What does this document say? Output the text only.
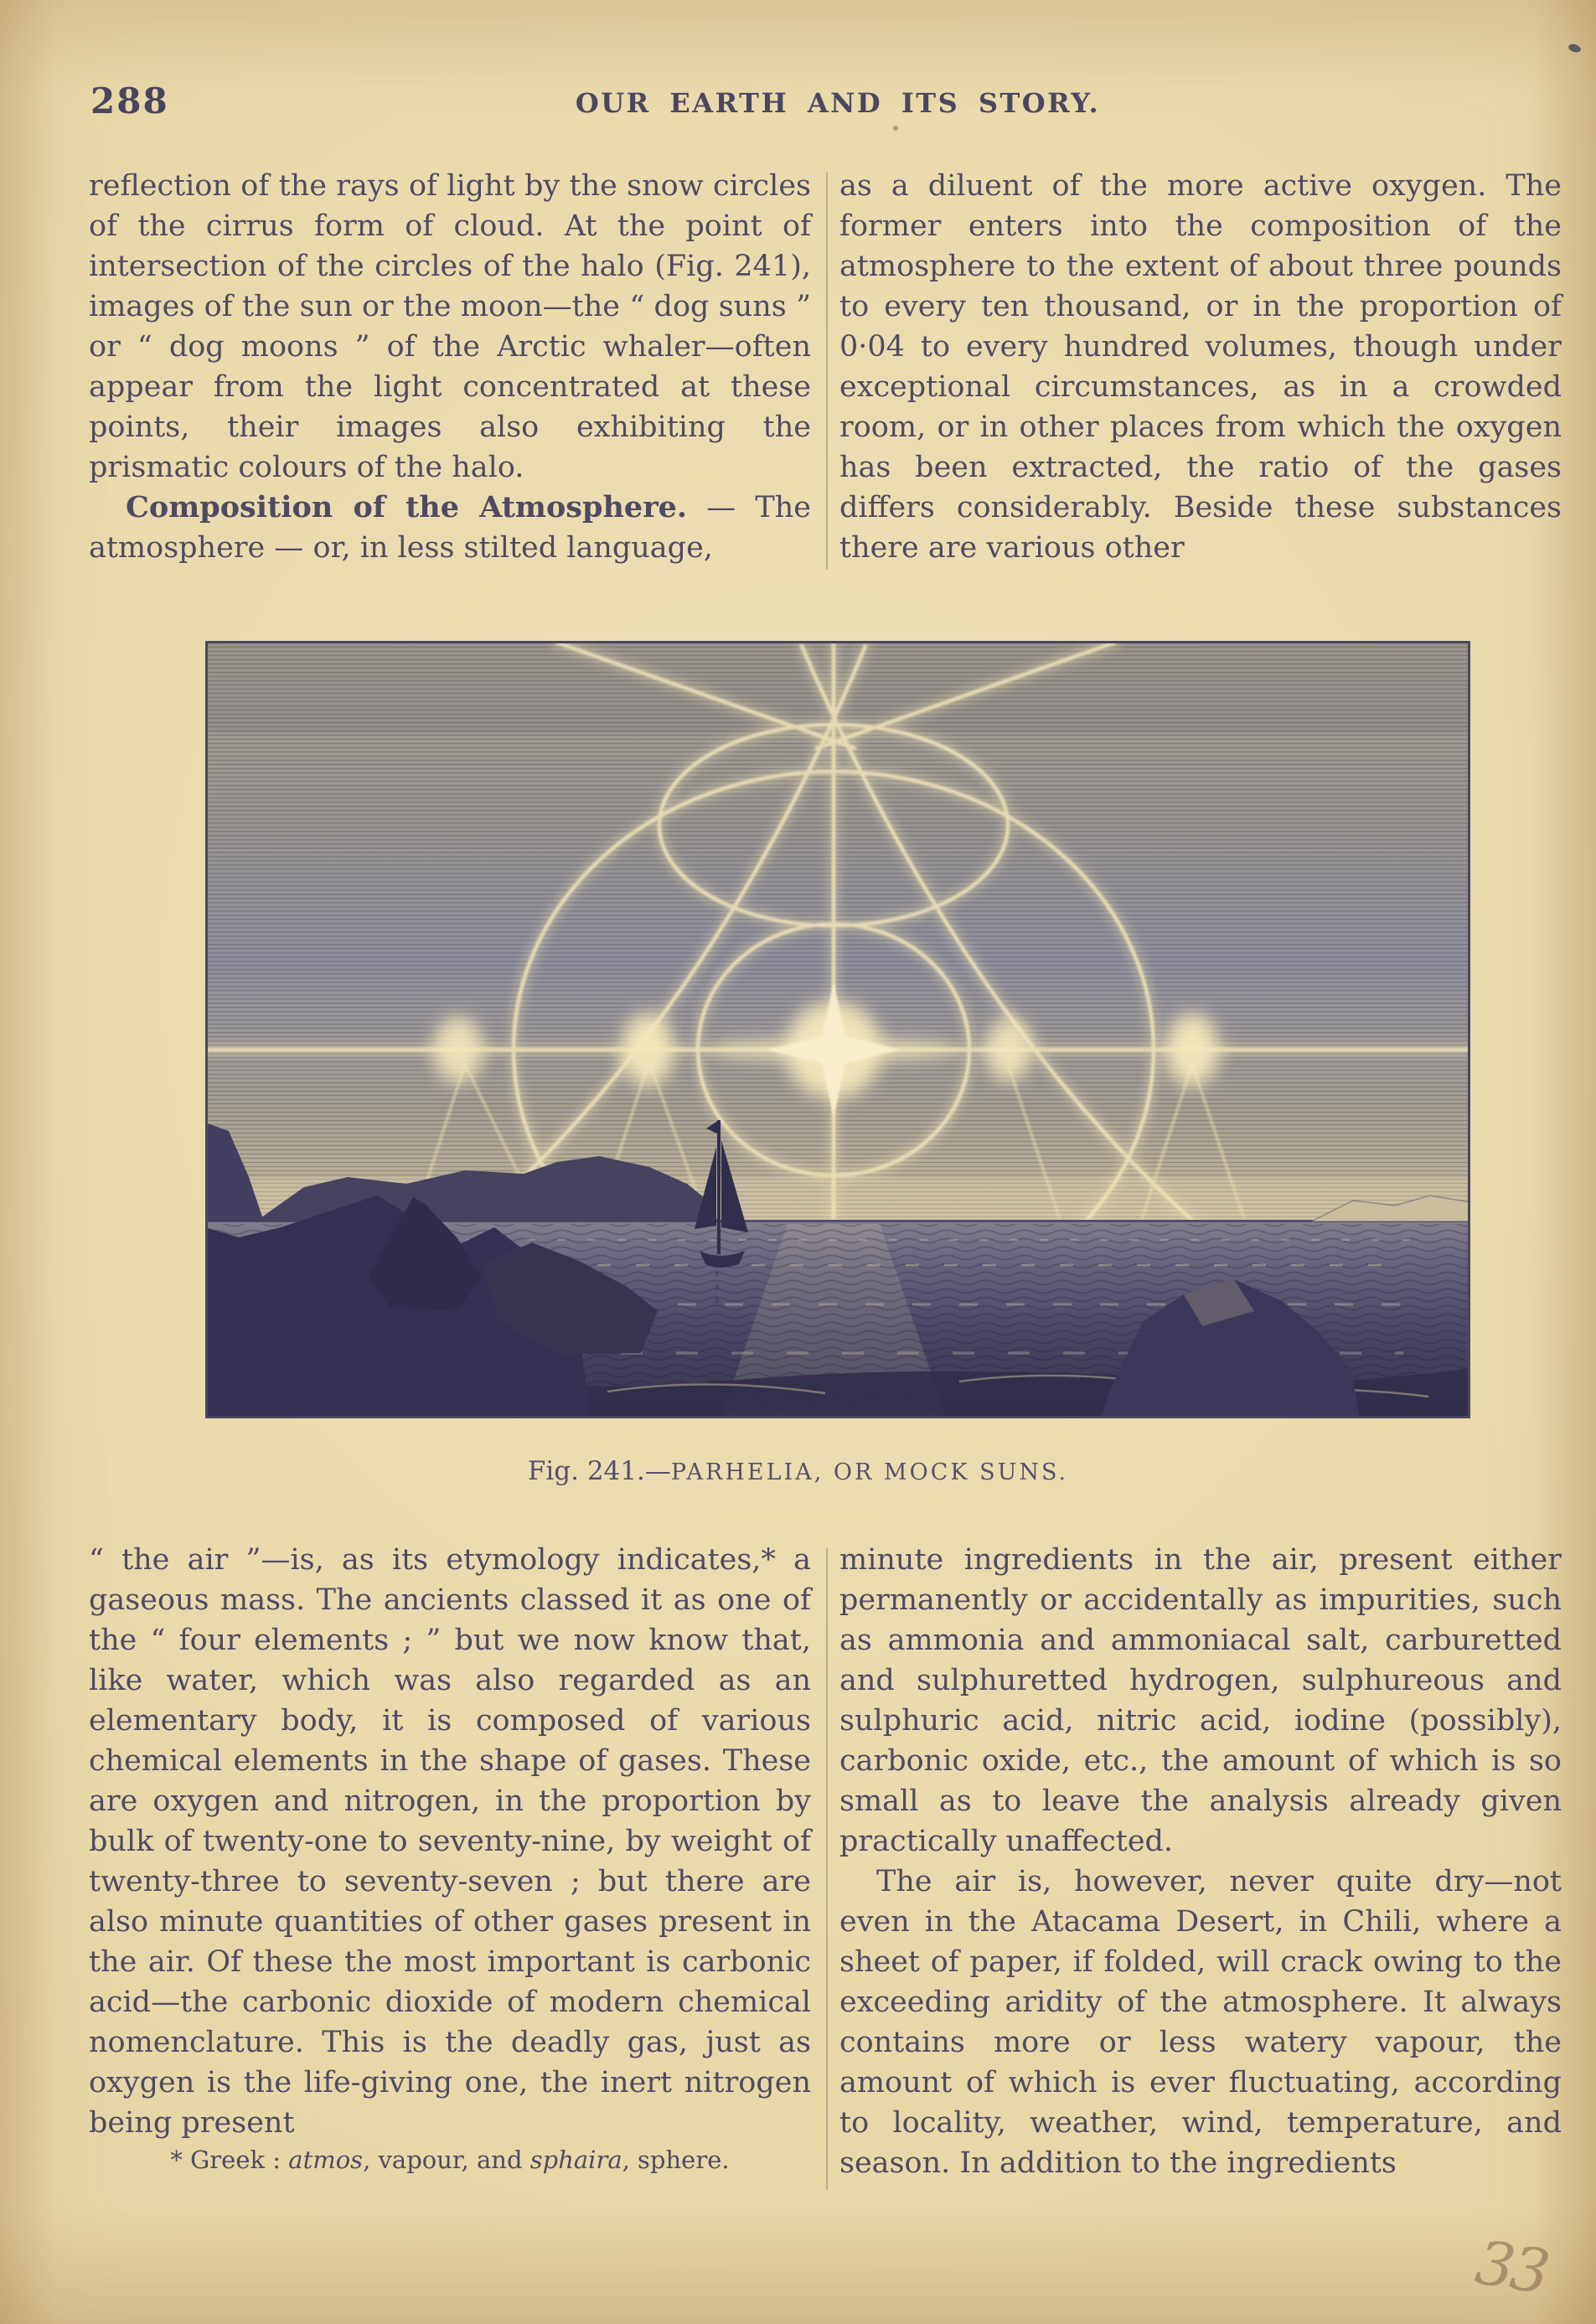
288	OUR EARTH AND ITS STORY.

reflection of the rays of light by the snow circles of the cirrus form of cloud. At the point of intersection of the circles of the halo (Fig. 241), images of the sun or the moon—the “ dog suns ” or “ dog moons ” of the Arctic whaler—often appear from the light concentrated at these points, their images also exhibiting the prismatic colours of the halo.

Composition of the Atmosphere. — The atmosphere — or, in less stilted language,

as a diluent of the more active oxygen. The former enters into the composition of the atmosphere to the extent of about three pounds to every ten thousand, or in the proportion of 0·04 to every hundred volumes, though under exceptional circumstances, as in a crowded room, or in other places from which the oxygen has been extracted, the ratio of the gases differs considerably. Beside these substances there are various other

Fig. 241.—PARHELIA, OR MOCK SUNS.

“ the air ”—is, as its etymology indicates,* a gaseous mass. The ancients classed it as one of the “ four elements ; ” but we now know that, like water, which was also regarded as an elementary body, it is composed of various chemical elements in the shape of gases. These are oxygen and nitrogen, in the proportion by bulk of twenty-one to seventy-nine, by weight of twenty-three to seventy-seven ; but there are also minute quantities of other gases present in the air. Of these the most important is carbonic acid—the carbonic dioxide of modern chemical nomenclature. This is the deadly gas, just as oxygen is the life-giving one, the inert nitrogen being present

* Greek : atmos, vapour, and sphaira, sphere.

minute ingredients in the air, present either permanently or accidentally as impurities, such as ammonia and ammoniacal salt, carburetted and sulphuretted hydrogen, sulphureous and sulphuric acid, nitric acid, iodine (possibly), carbonic oxide, etc., the amount of which is so small as to leave the analysis already given practically unaffected.

The air is, however, never quite dry—not even in the Atacama Desert, in Chili, where a sheet of paper, if folded, will crack owing to the exceeding aridity of the atmosphere. It always contains more or less watery vapour, the amount of which is ever fluctuating, according to locality, weather, wind, temperature, and season. In addition to the ingredients

33
